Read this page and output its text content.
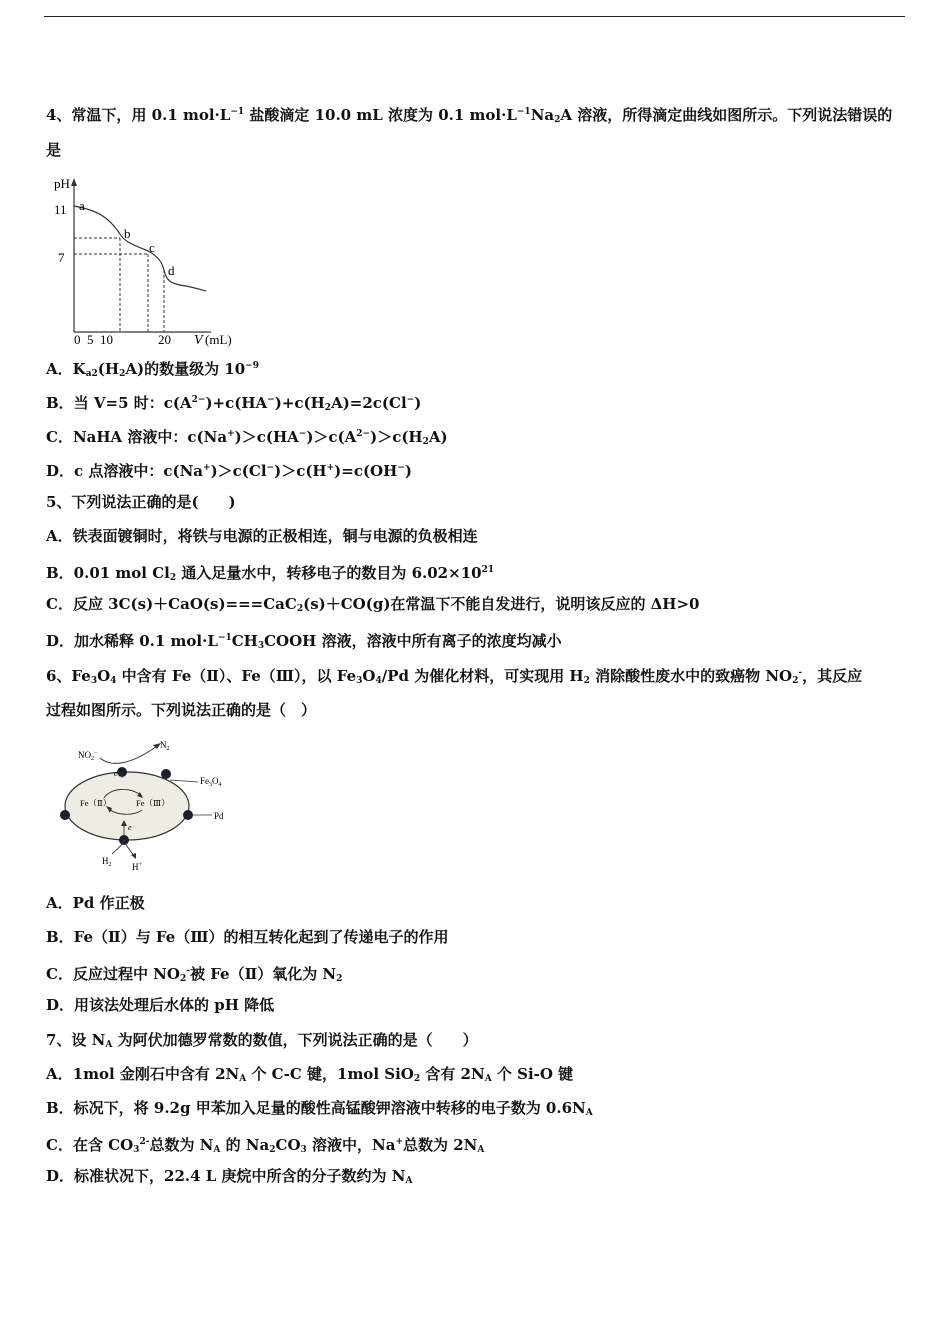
4、常温下，用 0.1 $mol\cdot L^{-1}$ 盐酸滴定 10.0 mL 浓度为 0.1 $mol\cdot L^{-1}Na_2A$ 溶液，所得滴定曲线如图所示。下列说法错误的
是
pH
11
7
a
b
c
d
0  5  10	20 V (mL)
A．$K_{a2}(H_2A)$的数量级为 $10^{-9}$
B．当 V=5 时：$c(A^{2-})+c(HA^-)+c(H_2A)=2c(Cl^-)$
C．NaHA 溶液中：$c(Na^+)>c(HA^-)>c(A^{2-})>c(H_2A)$
D．c 点溶液中：c(Na+)＞c(Cl−)＞c(H+)=c(OH−)
5、下列说法正确的是(　　)
A．铁表面镀铜时，将铁与电源的正极相连，铜与电源的负极相连
B．0.01 mol $Cl_2$ 通入足量水中，转移电子的数目为 $6.02\times 10^{21}$
C．反应 3C(s)＋CaO(s)===CaC$_2$(s)＋CO(g)在常温下不能自发进行，说明该反应的 ΔH>0
D．加水稀释 0.1 $mol\cdot L^{-1}CH_3COOH$ 溶液，溶液中所有离子的浓度均减小
6、$Fe_3O_4$ 中含有 Fe（Ⅱ）、Fe（Ⅲ），以 $Fe_3O_4/Pd$ 为催化材料，可实现用 $H_2$ 消除酸性废水中的致癌物 $NO_2^-$，其反应
过程如图所示。下列说法正确的是（　）
$NO_2^-$
$N_2$
e
$Fe_3O_4$
Fe（Ⅱ）	Fe（Ⅲ）
Pd
e
$H_2$ H+
A．Pd 作正极
B．Fe（Ⅱ）与 Fe（Ⅲ）的相互转化起到了传递电子的作用
C．反应过程中 $NO_2^-$被 Fe（Ⅱ）氧化为 $N_2$
D．用该法处理后水体的 pH 降低
7、设 $N_A$ 为阿伏加德罗常数的数值，下列说法正确的是（　　）
A．1mol 金刚石中含有 $2N_A$ 个 C-C 键，1mol SiO$_2$ 含有 $2N_A$ 个 Si-O 键
B．标况下，将 9.2g 甲苯加入足量的酸性高锰酸钾溶液中转移的电子数为 $0.6N_A$
C．在含 $CO_3^{2-}$总数为 $N_A$ 的 $Na_2CO_3$ 溶液中，Na+总数为 $2N_A$
D．标准状况下，22.4 L 庚烷中所含的分子数约为 $N_A$
